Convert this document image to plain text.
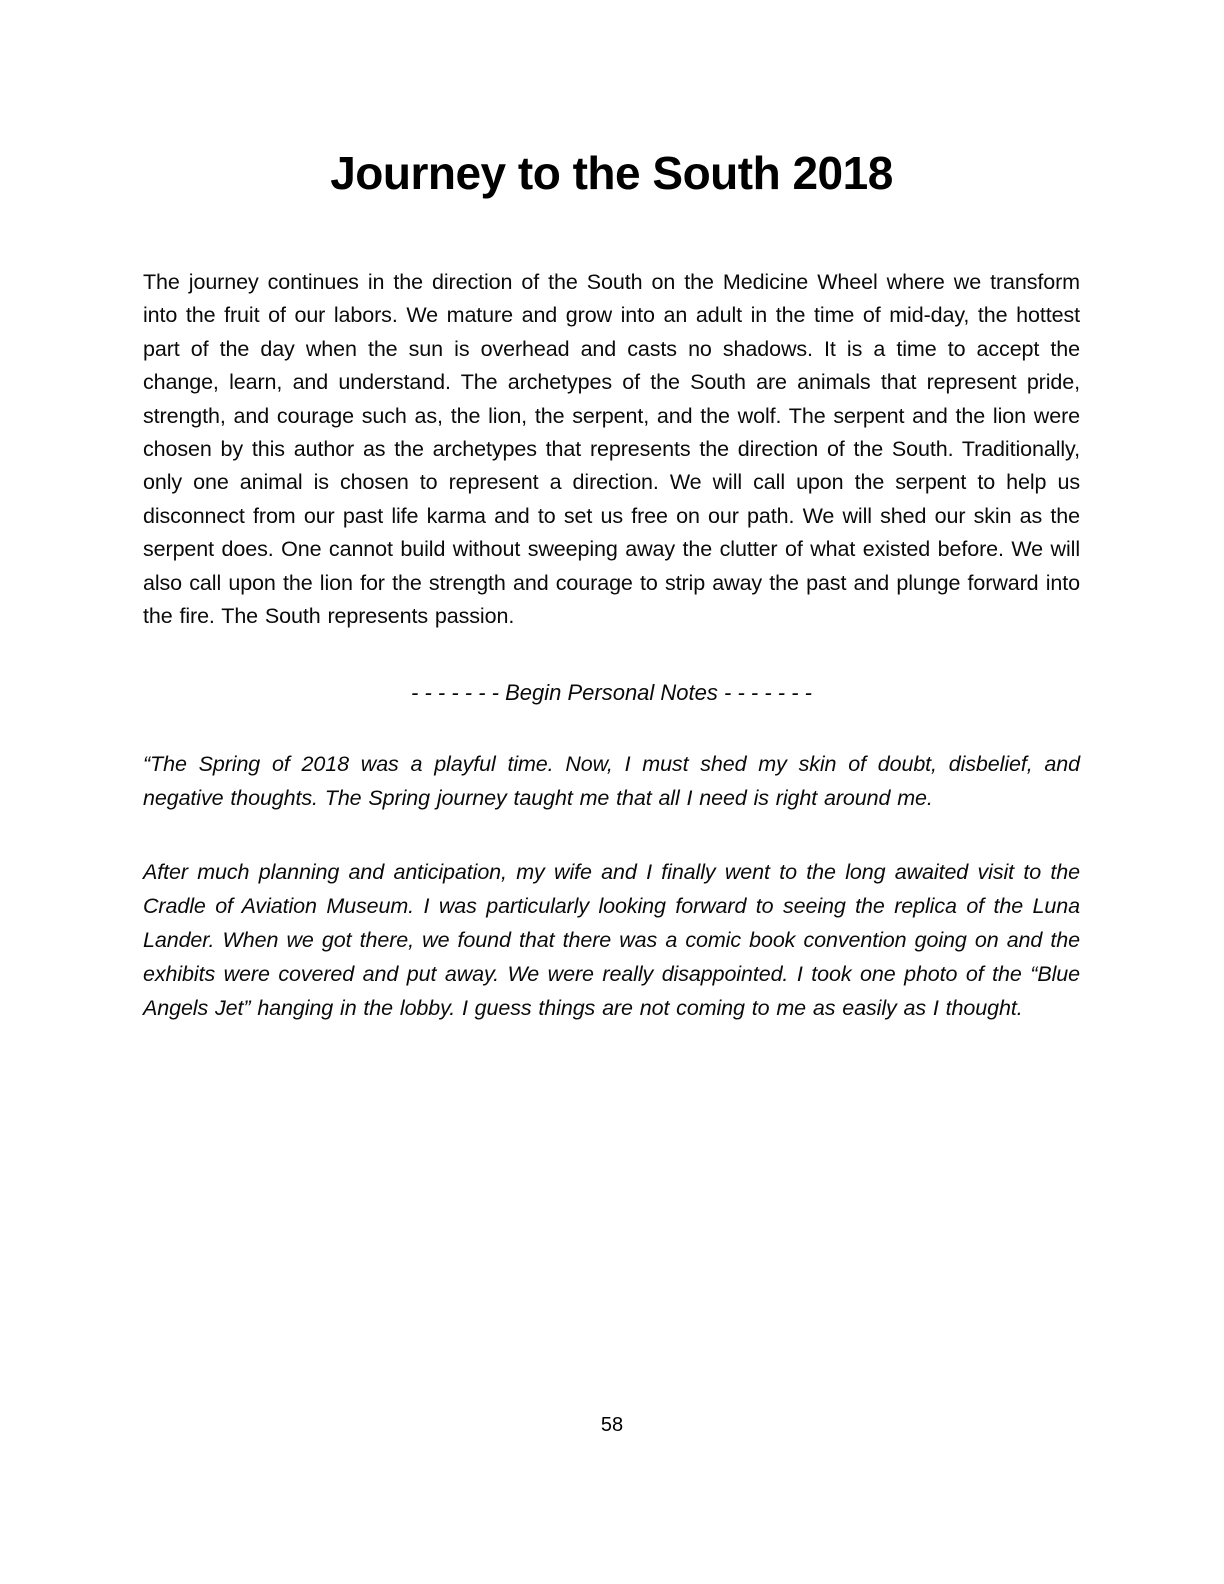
Journey to the South 2018

The journey continues in the direction of the South on the Medicine Wheel where we transform into the fruit of our labors. We mature and grow into an adult in the time of mid-day, the hottest part of the day when the sun is overhead and casts no shadows. It is a time to accept the change, learn, and understand. The archetypes of the South are animals that represent pride, strength, and courage such as, the lion, the serpent, and the wolf. The serpent and the lion were chosen by this author as the archetypes that represents the direction of the South. Traditionally, only one animal is chosen to represent a direction. We will call upon the serpent to help us disconnect from our past life karma and to set us free on our path. We will shed our skin as the serpent does. One cannot build without sweeping away the clutter of what existed before. We will also call upon the lion for the strength and courage to strip away the past and plunge forward into the fire. The South represents passion.

- - - - - - - Begin Personal Notes - - - - - - -

“The Spring of 2018 was a playful time. Now, I must shed my skin of doubt, disbelief, and negative thoughts. The Spring journey taught me that all I need is right around me.

After much planning and anticipation, my wife and I finally went to the long awaited visit to the Cradle of Aviation Museum. I was particularly looking forward to seeing the replica of the Luna Lander. When we got there, we found that there was a comic book convention going on and the exhibits were covered and put away. We were really disappointed. I took one photo of the “Blue Angels Jet” hanging in the lobby. I guess things are not coming to me as easily as I thought.

58
